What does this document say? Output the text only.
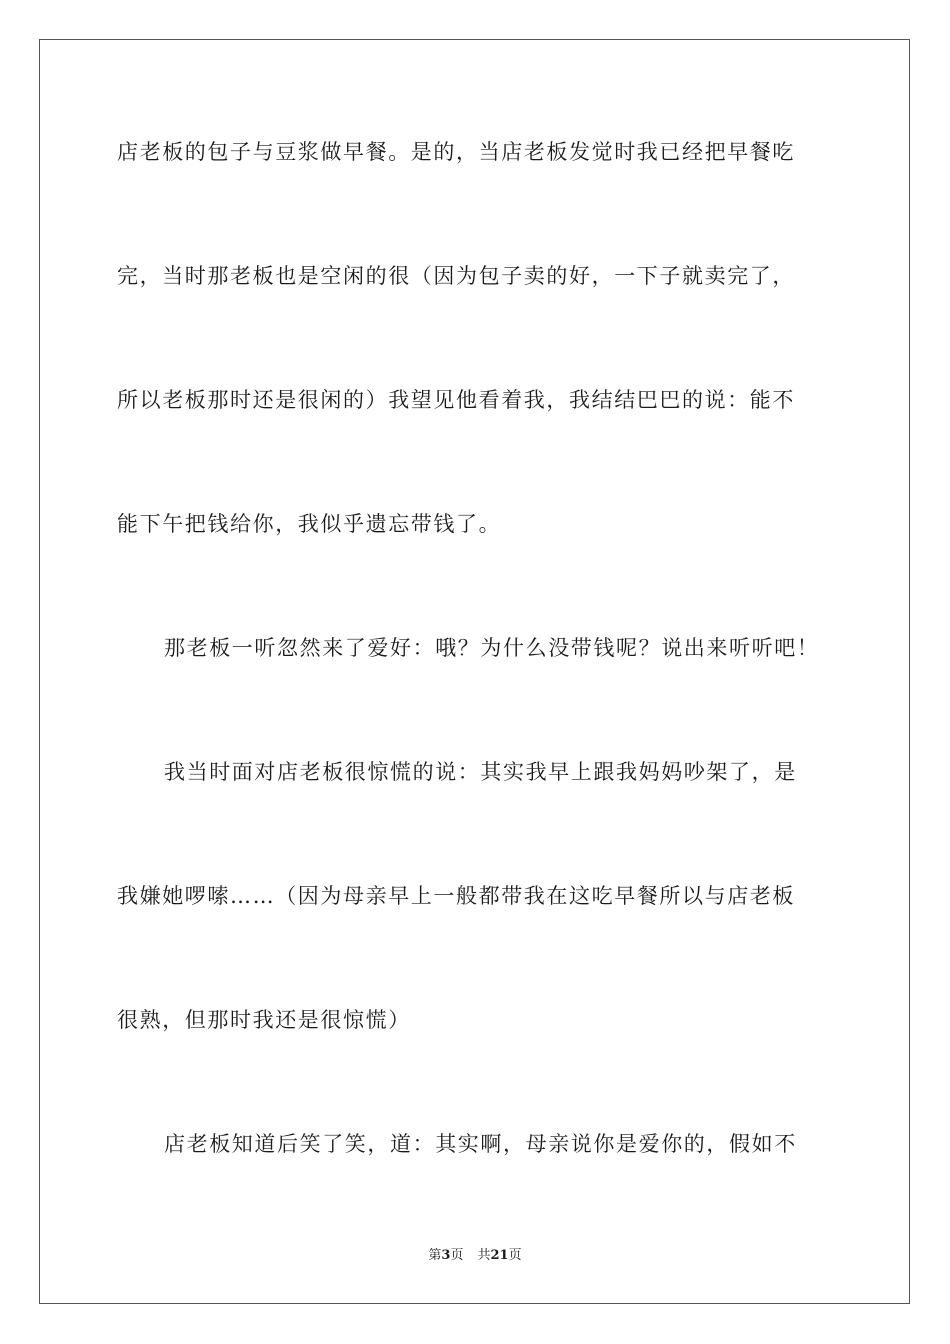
店老板的包子与豆浆做早餐。是的，当店老板发觉时我已经把早餐吃
完，当时那老板也是空闲的很（因为包子卖的好，一下子就卖完了，
所以老板那时还是很闲的）我望见他看着我，我结结巴巴的说：能不
能下午把钱给你，我似乎遗忘带钱了。
那老板一听忽然来了爱好：哦？为什么没带钱呢？说出来听听吧！
我当时面对店老板很惊慌的说：其实我早上跟我妈妈吵架了，是
我嫌她啰嗦……（因为母亲早上一般都带我在这吃早餐所以与店老板
很熟，但那时我还是很惊慌）
店老板知道后笑了笑，道：其实啊，母亲说你是爱你的，假如不
第3页 共21页
